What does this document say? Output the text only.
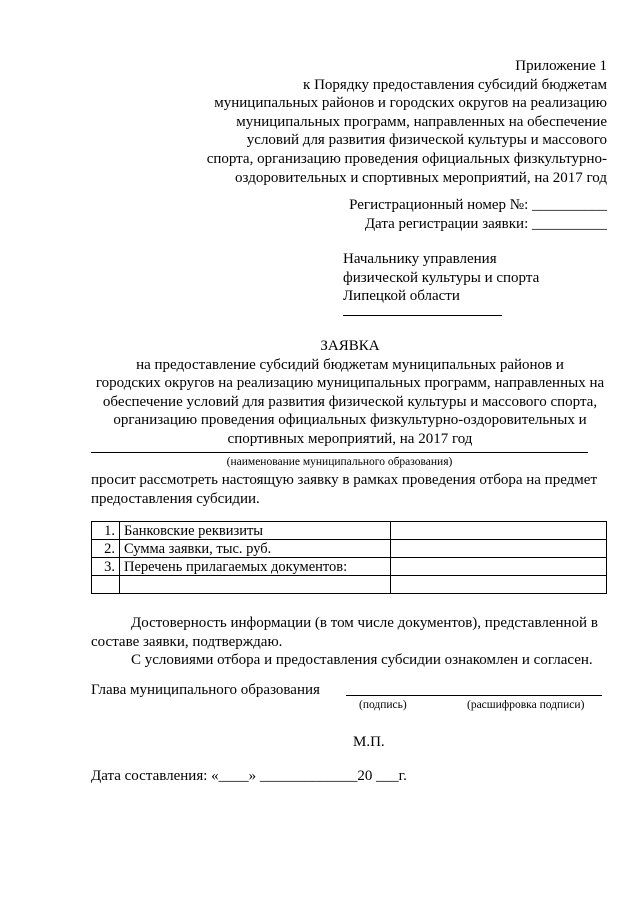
Приложение 1
к Порядку предоставления субсидий бюджетам
муниципальных районов и городских округов на реализацию
муниципальных программ, направленных на обеспечение
условий для развития физической культуры и массового
спорта, организацию проведения официальных физкультурно-
оздоровительных и спортивных мероприятий, на 2017 год
Регистрационный номер №: __________
Дата регистрации заявки: __________
Начальнику управления
физической культуры и спорта
Липецкой области
ЗАЯВКА
на предоставление субсидий бюджетам муниципальных районов и
городских округов на реализацию муниципальных программ, направленных на
обеспечение условий для развития физической культуры и массового спорта,
организацию проведения официальных физкультурно-оздоровительных и
спортивных мероприятий, на 2017 год
(наименование муниципального образования)
просит рассмотреть настоящую заявку в рамках проведения отбора на предмет
предоставления субсидии.
1.	Банковские реквизиты	
2.	Сумма заявки, тыс. руб.	
3.	Перечень прилагаемых документов:	

Достоверность информации (в том числе документов), представленной в
составе заявки, подтверждаю.
С условиями отбора и предоставления субсидии ознакомлен и согласен.
Глава муниципального образования
(подпись)	(расшифровка подписи)
М.П.
Дата составления: «____» _____________20 ___г.
